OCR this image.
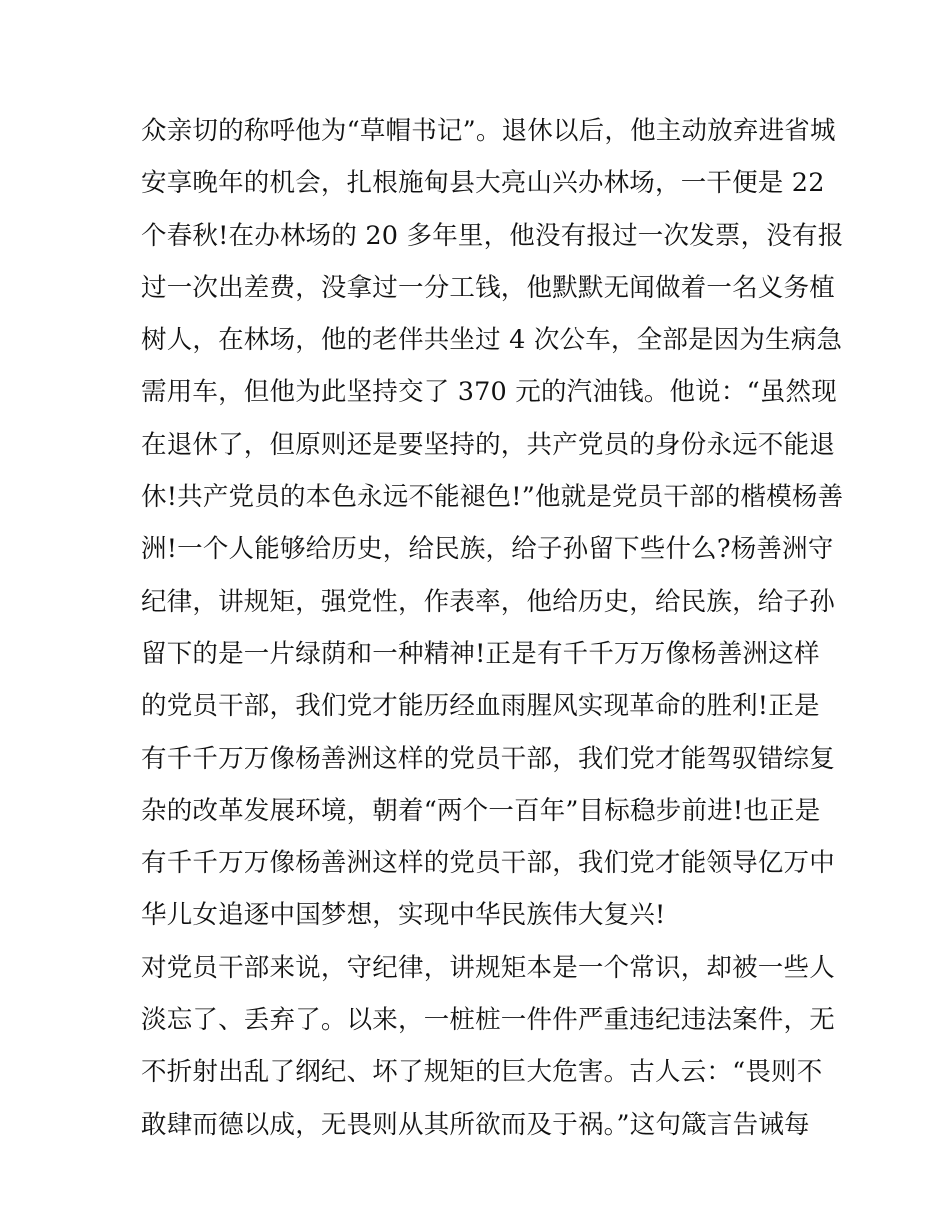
众亲切的称呼他为“草帽书记”。退休以后，他主动放弃进省城
安享晚年的机会，扎根施甸县大亮山兴办林场，一干便是 22
个春秋!在办林场的 20 多年里，他没有报过一次发票，没有报
过一次出差费，没拿过一分工钱，他默默无闻做着一名义务植
树人，在林场，他的老伴共坐过 4 次公车，全部是因为生病急
需用车，但他为此坚持交了 370 元的汽油钱。他说：“虽然现
在退休了，但原则还是要坚持的，共产党员的身份永远不能退
休!共产党员的本色永远不能褪色!”他就是党员干部的楷模杨善
洲!一个人能够给历史，给民族，给子孙留下些什么?杨善洲守
纪律，讲规矩，强党性，作表率，他给历史，给民族，给子孙
留下的是一片绿荫和一种精神!正是有千千万万像杨善洲这样
的党员干部，我们党才能历经血雨腥风实现革命的胜利!正是
有千千万万像杨善洲这样的党员干部，我们党才能驾驭错综复
杂的改革发展环境，朝着“两个一百年”目标稳步前进!也正是
有千千万万像杨善洲这样的党员干部，我们党才能领导亿万中
华儿女追逐中国梦想，实现中华民族伟大复兴!
对党员干部来说，守纪律，讲规矩本是一个常识，却被一些人
淡忘了、丢弃了。以来，一桩桩一件件严重违纪违法案件，无
不折射出乱了纲纪、坏了规矩的巨大危害。古人云：“畏则不
敢肆而德以成，无畏则从其所欲而及于祸。”这句箴言告诫每
